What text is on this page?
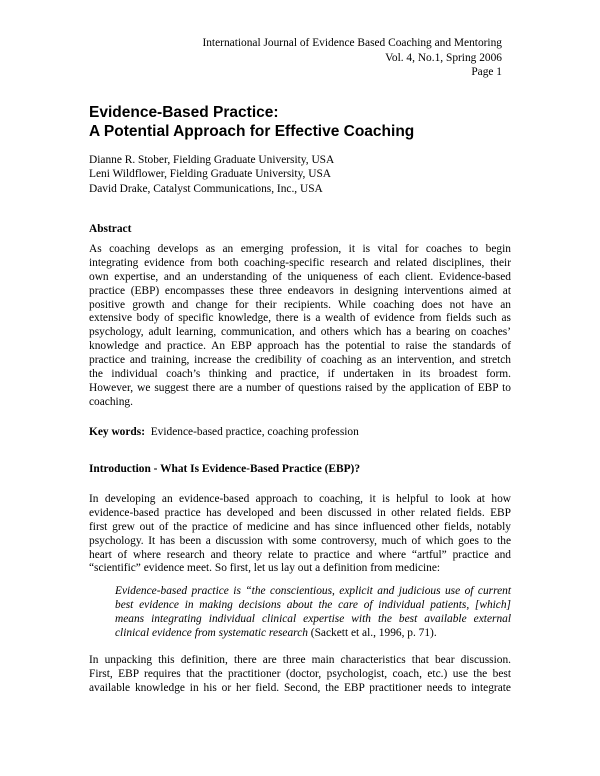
International Journal of Evidence Based Coaching and Mentoring
Vol. 4, No.1, Spring 2006
Page 1
Evidence-Based Practice:
A Potential Approach for Effective Coaching
Dianne R. Stober, Fielding Graduate University, USA
Leni Wildflower, Fielding Graduate University, USA
David Drake, Catalyst Communications, Inc., USA
Abstract
As coaching develops as an emerging profession, it is vital for coaches to begin
integrating evidence from both coaching-specific research and related disciplines, their
own expertise, and an understanding of the uniqueness of each client. Evidence-based
practice (EBP) encompasses these three endeavors in designing interventions aimed at
positive growth and change for their recipients. While coaching does not have an
extensive body of specific knowledge, there is a wealth of evidence from fields such as
psychology, adult learning, communication, and others which has a bearing on coaches’
knowledge and practice. An EBP approach has the potential to raise the standards of
practice and training, increase the credibility of coaching as an intervention, and stretch
the individual coach’s thinking and practice, if undertaken in its broadest form.
However, we suggest there are a number of questions raised by the application of EBP to
coaching.
Key words: Evidence-based practice, coaching profession
Introduction - What Is Evidence-Based Practice (EBP)?
In developing an evidence-based approach to coaching, it is helpful to look at how
evidence-based practice has developed and been discussed in other related fields. EBP
first grew out of the practice of medicine and has since influenced other fields, notably
psychology. It has been a discussion with some controversy, much of which goes to the
heart of where research and theory relate to practice and where “artful” practice and
“scientific” evidence meet. So first, let us lay out a definition from medicine:
Evidence-based practice is “the conscientious, explicit and judicious use of current
best evidence in making decisions about the care of individual patients, [which]
means integrating individual clinical expertise with the best available external
clinical evidence from systematic research (Sackett et al., 1996, p. 71).
In unpacking this definition, there are three main characteristics that bear discussion.
First, EBP requires that the practitioner (doctor, psychologist, coach, etc.) use the best
available knowledge in his or her field. Second, the EBP practitioner needs to integrate
